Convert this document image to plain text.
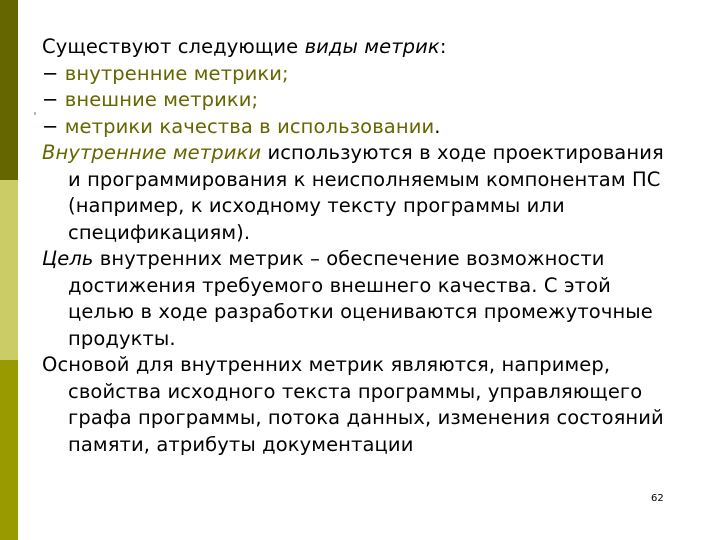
Существуют следующие виды метрик:
− внутренние метрики;
− внешние метрики;
− метрики качества в использовании.
Внутренние метрики используются в ходе проектирования и программирования к неисполняемым компонентам ПС (например, к исходному тексту программы или спецификациям).
Цель внутренних метрик – обеспечение возможности достижения требуемого внешнего качества. С этой целью в ходе разработки оцениваются промежуточные продукты.
Основой для внутренних метрик являются, например, свойства исходного текста программы, управляющего графа программы, потока данных, изменения состояний памяти, атрибуты документации
62
